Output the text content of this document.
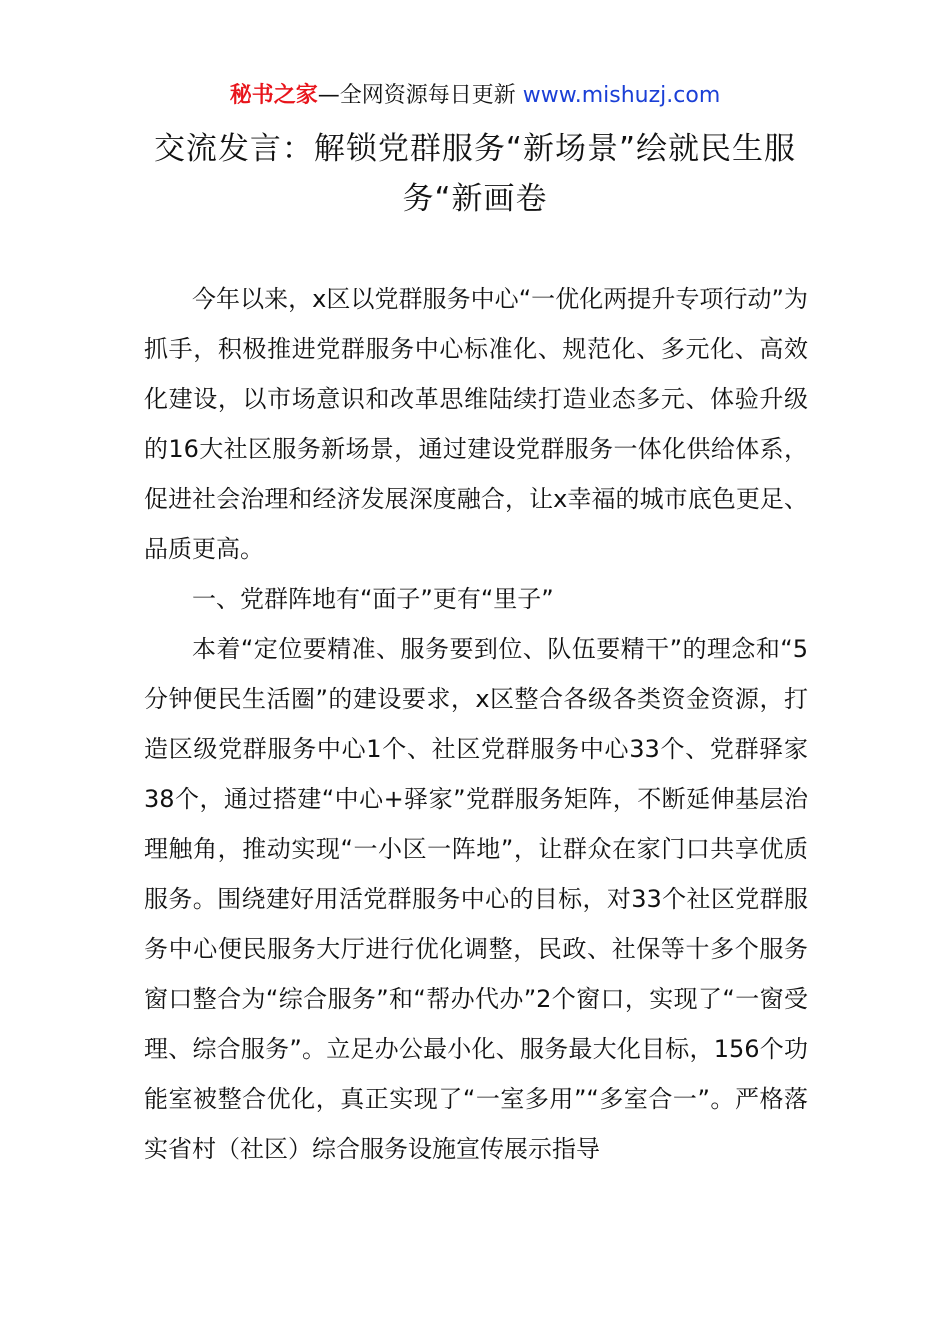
秘书之家—全网资源每日更新 www.mishuzj.com
交流发言：解锁党群服务“新场景”绘就民生服务“新画卷

今年以来，x区以党群服务中心“一优化两提升专项行动”为抓手，积极推进党群服务中心标准化、规范化、多元化、高效化建设，以市场意识和改革思维陆续打造业态多元、体验升级的16大社区服务新场景，通过建设党群服务一体化供给体系，促进社会治理和经济发展深度融合，让x幸福的城市底色更足、品质更高。

一、党群阵地有“面子”更有“里子”

本着“定位要精准、服务要到位、队伍要精干”的理念和“5分钟便民生活圈”的建设要求，x区整合各级各类资金资源，打造区级党群服务中心1个、社区党群服务中心33个、党群驿家38个，通过搭建“中心+驿家”党群服务矩阵，不断延伸基层治理触角，推动实现“一小区一阵地”，让群众在家门口共享优质服务。围绕建好用活党群服务中心的目标，对33个社区党群服务中心便民服务大厅进行优化调整，民政、社保等十多个服务窗口整合为“综合服务”和“帮办代办”2个窗口，实现了“一窗受理、综合服务”。立足办公最小化、服务最大化目标，156个功能室被整合优化，真正实现了“一室多用”“多室合一”。严格落实省村（社区）综合服务设施宣传展示指导
